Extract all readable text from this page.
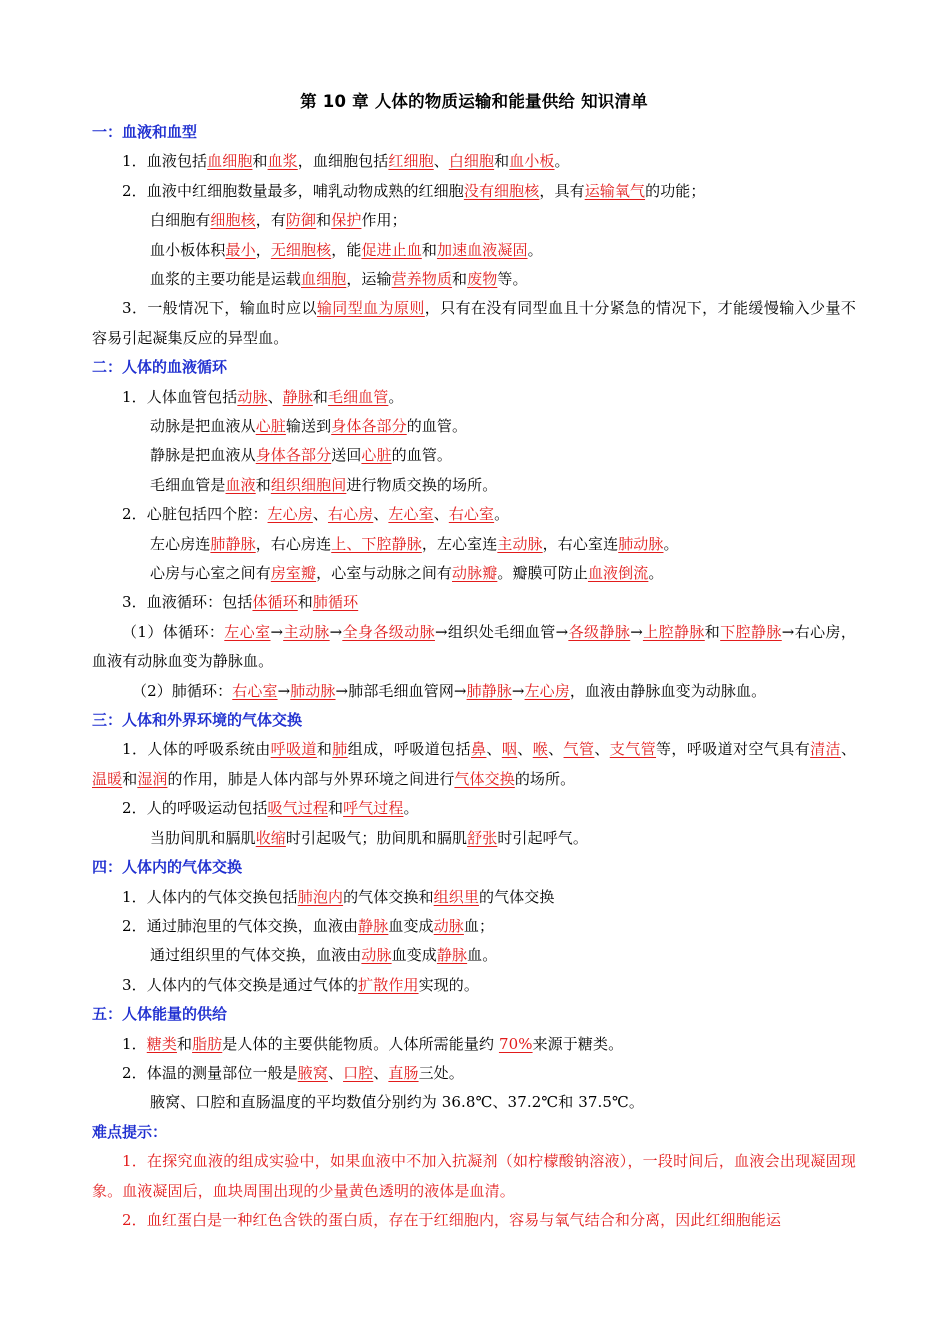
第 10 章 人体的物质运输和能量供给 知识清单
一：血液和血型
1．血液包括血细胞和血浆，血细胞包括红细胞、白细胞和血小板。
2．血液中红细胞数量最多，哺乳动物成熟的红细胞没有细胞核，具有运输氧气的功能；
白细胞有细胞核，有防御和保护作用；
血小板体积最小，无细胞核，能促进止血和加速血液凝固。
血浆的主要功能是运载血细胞，运输营养物质和废物等。
3．一般情况下，输血时应以输同型血为原则，只有在没有同型血且十分紧急的情况下，才能缓慢输入少量不容易引起凝集反应的异型血。
二：人体的血液循环
1．人体血管包括动脉、静脉和毛细血管。
动脉是把血液从心脏输送到身体各部分的血管。
静脉是把血液从身体各部分送回心脏的血管。
毛细血管是血液和组织细胞间进行物质交换的场所。
2．心脏包括四个腔：左心房、右心房、左心室、右心室。
左心房连肺静脉，右心房连上、下腔静脉，左心室连主动脉，右心室连肺动脉。
心房与心室之间有房室瓣，心室与动脉之间有动脉瓣。瓣膜可防止血液倒流。
3．血液循环：包括体循环和肺循环
（1）体循环：左心室→主动脉→全身各级动脉→组织处毛细血管→各级静脉→上腔静脉和下腔静脉→右心房，血液有动脉血变为静脉血。
（2）肺循环：右心室→肺动脉→肺部毛细血管网→肺静脉→左心房，血液由静脉血变为动脉血。
三：人体和外界环境的气体交换
1．人体的呼吸系统由呼吸道和肺组成，呼吸道包括鼻、咽、喉、气管、支气管等，呼吸道对空气具有清洁、温暖和湿润的作用，肺是人体内部与外界环境之间进行气体交换的场所。
2．人的呼吸运动包括吸气过程和呼气过程。
当肋间肌和膈肌收缩时引起吸气；肋间肌和膈肌舒张时引起呼气。
四：人体内的气体交换
1．人体内的气体交换包括肺泡内的气体交换和组织里的气体交换
2．通过肺泡里的气体交换，血液由静脉血变成动脉血；
通过组织里的气体交换，血液由动脉血变成静脉血。
3．人体内的气体交换是通过气体的扩散作用实现的。
五：人体能量的供给
1．糖类和脂肪是人体的主要供能物质。人体所需能量约 70%来源于糖类。
2．体温的测量部位一般是腋窝、口腔、直肠三处。
腋窝、口腔和直肠温度的平均数值分别约为 36.8℃、37.2℃和 37.5℃。
难点提示：
1．在探究血液的组成实验中，如果血液中不加入抗凝剂（如柠檬酸钠溶液），一段时间后，血液会出现凝固现象。血液凝固后，血块周围出现的少量黄色透明的液体是血清。
2．血红蛋白是一种红色含铁的蛋白质，存在于红细胞内，容易与氧气结合和分离，因此红细胞能运
